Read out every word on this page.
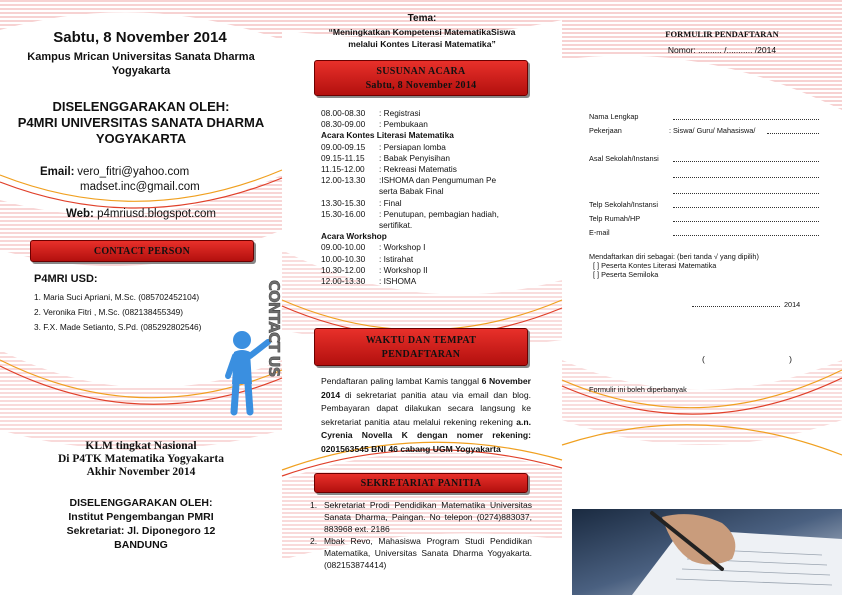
Sabtu, 8 November 2014
Kampus Mrican Universitas Sanata Dharma
Yogyakarta
DISELENGGARAKAN OLEH:
P4MRI UNIVERSITAS SANATA DHARMA
YOGYAKARTA
Email: vero_fitri@yahoo.com
madset.inc@gmail.com
Web: p4mriusd.blogspot.com
CONTACT PERSON
P4MRI USD:
1. Maria Suci Apriani, M.Sc. (085702452104)
2. Veronika Fitri , M.Sc. (082138455349)
3. F.X. Made Setianto, S.Pd. (085292802546)	CONTACT US
KLM tingkat Nasional
Di P4TK Matematika Yogyakarta
Akhir November 2014
DISELENGGARAKAN OLEH:
Institut Pengembangan PMRI
Sekretariat: Jl. Diponegoro 12
BANDUNG
Tema:
“Meningkatkan Kompetensi MatematikaSiswa
melalui Kontes Literasi Matematika”
SUSUNAN ACARA
Sabtu, 8 November 2014
08.00-08.30	: Registrasi
08.30-09.00	: Pembukaan
Acara Kontes Literasi Matematika
09.00-09.15	: Persiapan lomba
09.15-11.15	: Babak Penyisihan
11.15-12.00	: Rekreasi Matematis
12.00-13.30	:ISHOMA dan Pengumuman Pe
serta Babak Final
13.30-15.30	: Final
15.30-16.00	: Penutupan, pembagian hadiah,
sertifikat.
Acara Workshop
09.00-10.00	: Workshop I
10.00-10.30	: Istirahat
10.30-12.00	: Workshop II
12.00-13.30	: ISHOMA
WAKTU DAN TEMPAT
PENDAFTARAN
Pendaftaran paling lambat Kamis tanggal 6 November 2014 di sekretariat panitia atau via email dan blog. Pembayaran dapat dilakukan secara langsung ke sekretariat panitia atau melalui rekening rekening a.n. Cyrenia Novella K dengan nomer rekening: 0201563545 BNI 46 cabang UGM Yogyakarta
SEKRETARIAT PANITIA
1. Sekretariat Prodi Pendidikan Matematika Universitas Sanata Dharma, Paingan. No telepon (0274)883037, 883968 ext. 2186
2. Mbak Revo, Mahasiswa Program Studi Pendidikan Matematika, Universitas Sanata Dharma Yogyakarta. (082153874414)
FORMULIR PENDAFTARAN
Nomor: .......... /........... /2014
Nama Lengkap
Pekerjaan	: Siswa/ Guru/ Mahasiswa/
Asal Sekolah/Instansi
Telp Sekolah/Instansi
Telp Rumah/HP
E-mail
Mendaftarkan diri sebagai: (beri tanda √ yang dipilih)
[ ] Peserta Kontes Literasi Matematika
[ ] Peserta Semiloka
2014
(	)
Formulir ini boleh diperbanyak
